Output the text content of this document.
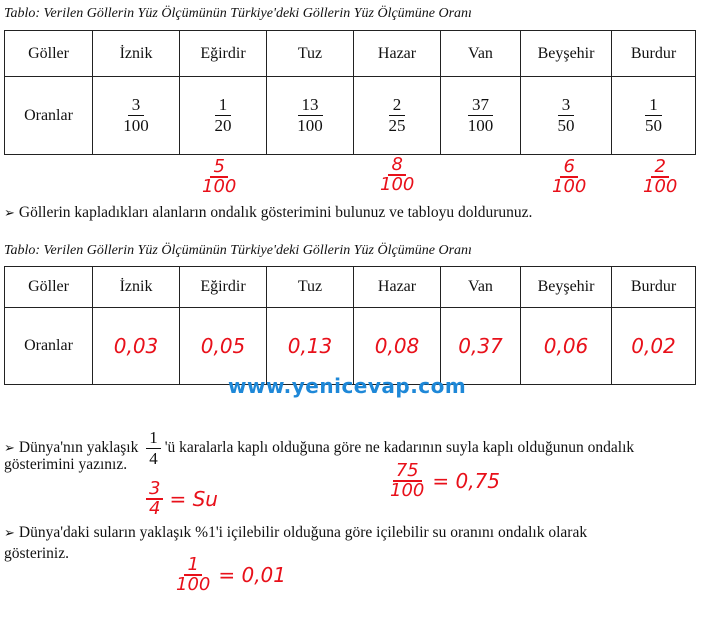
Tablo: Verilen Göllerin Yüz Ölçümünün Türkiye'deki Göllerin Yüz Ölçümüne Oranı
Göller	İznik	Eğirdir	Tuz	Hazar	Van	Beyşehir	Burdur
Oranlar	$\frac{3}{100}$	$\frac{1}{20}$	$\frac{13}{100}$	$\frac{2}{25}$	$\frac{37}{100}$	$\frac{3}{50}$	$\frac{1}{50}$
$\frac{5}{100}$	$\frac{8}{100}$	$\frac{6}{100}$	$\frac{2}{100}$
➢ Göllerin kapladıkları alanların ondalık gösterimini bulunuz ve tabloyu doldurunuz.
Tablo: Verilen Göllerin Yüz Ölçümünün Türkiye'deki Göllerin Yüz Ölçümüne Oranı
Göller	İznik	Eğirdir	Tuz	Hazar	Van	Beyşehir	Burdur
Oranlar	0,03	0,05	0,13	0,08	0,37	0,06	0,02
www.yenicevap.com
➢ Dünya'nın yaklaşık $\frac{1}{4}$ 'ü karalarla kaplı olduğuna göre ne kadarının suyla kaplı olduğunun ondalık
gösterimini yazınız.
$\frac{3}{4} = Su$	$\frac{75}{100} = 0,75$
➢ Dünya'daki suların yaklaşık %1'i içilebilir olduğuna göre içilebilir su oranını ondalık olarak
gösteriniz.
$\frac{1}{100} = 0,01$
